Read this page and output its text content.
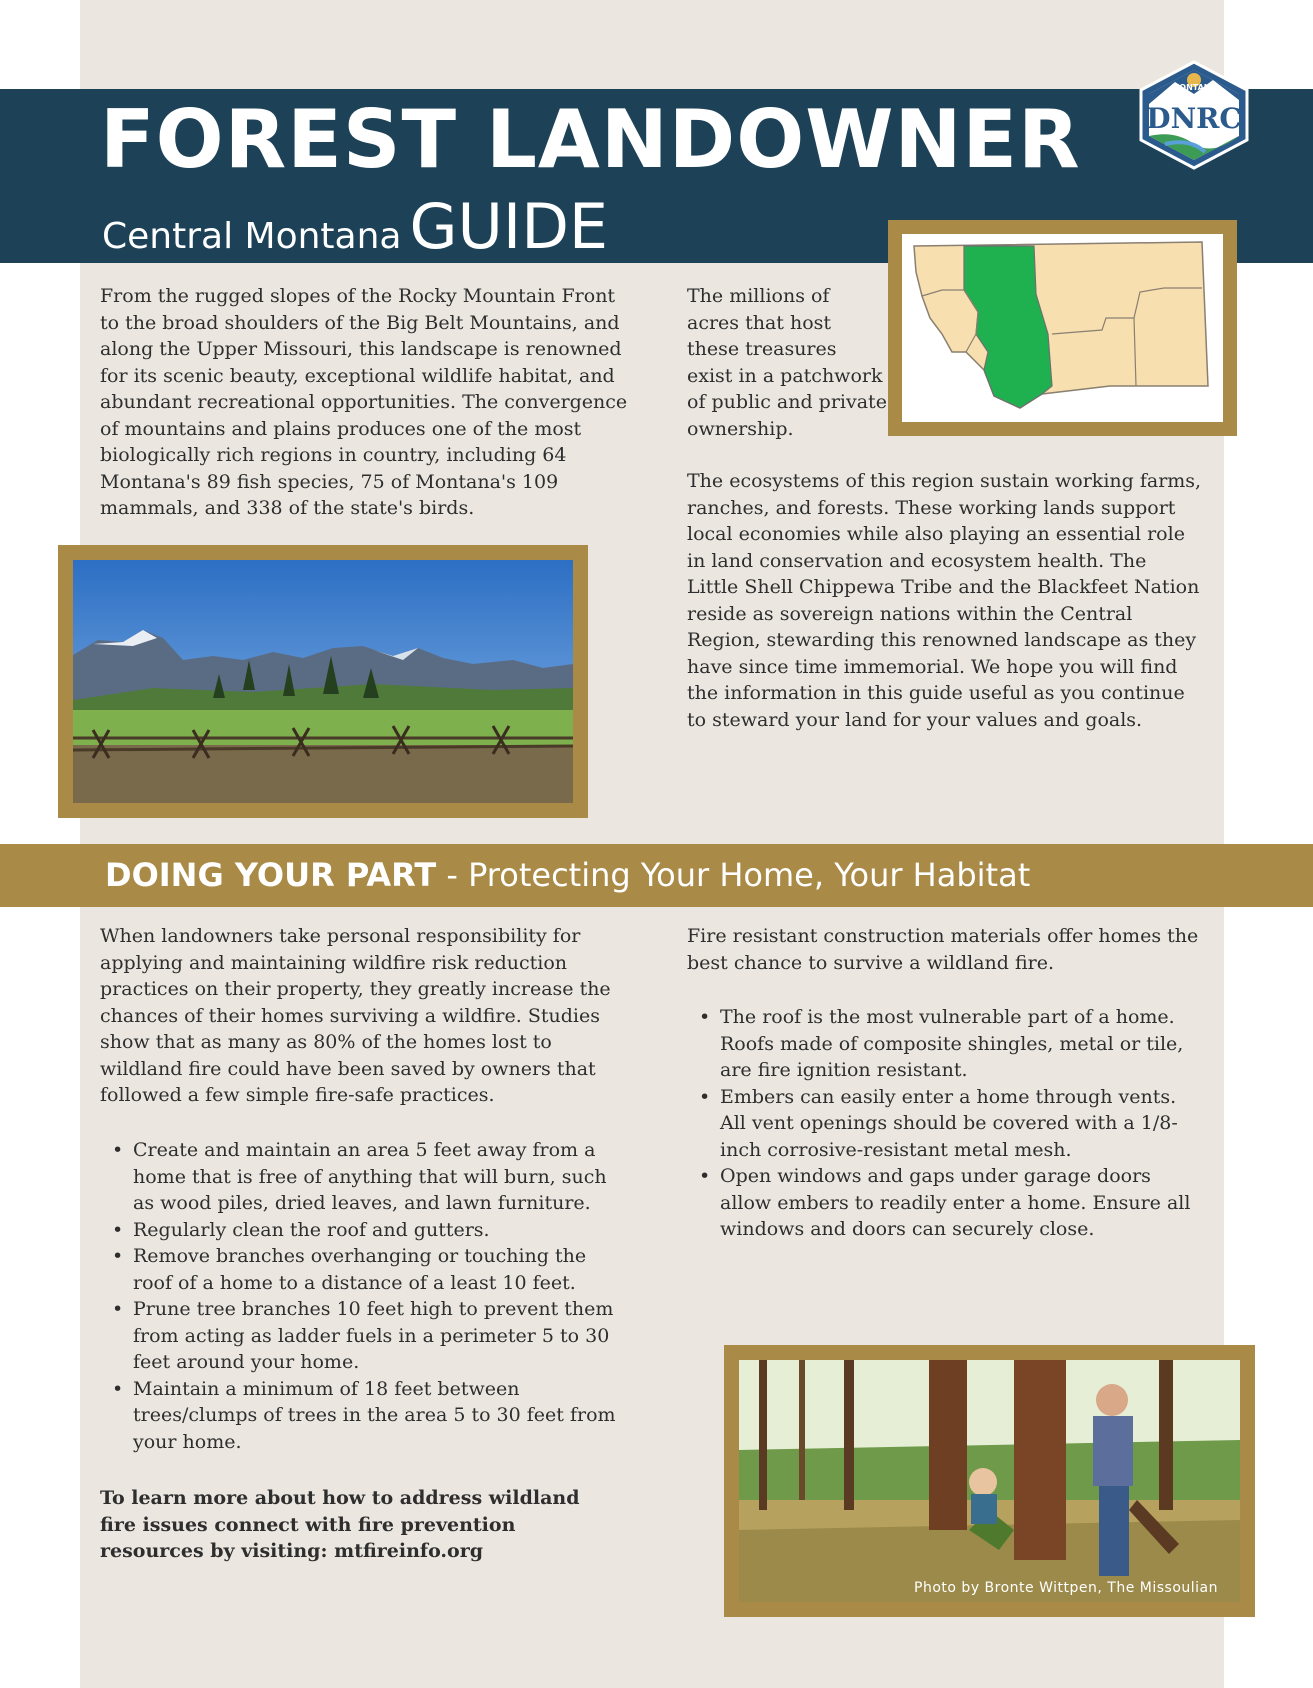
FOREST LANDOWNER
Central Montana GUIDE
MONTANA
DNRC

From the rugged slopes of the Rocky Mountain Front to the broad shoulders of the Big Belt Mountains, and along the Upper Missouri, this landscape is renowned for its scenic beauty, exceptional wildlife habitat, and abundant recreational opportunities. The convergence of mountains and plains produces one of the most biologically rich regions in country, including 64 Montana's 89 fish species, 75 of Montana's 109 mammals, and 338 of the state's birds.

The millions of acres that host these treasures exist in a patchwork of public and private ownership.

The ecosystems of this region sustain working farms, ranches, and forests. These working lands support local economies while also playing an essential role in land conservation and ecosystem health. The Little Shell Chippewa Tribe and the Blackfeet Nation reside as sovereign nations within the Central Region, stewarding this renowned landscape as they have since time immemorial. We hope you will find the information in this guide useful as you continue to steward your land for your values and goals.

DOING YOUR PART - Protecting Your Home, Your Habitat

When landowners take personal responsibility for applying and maintaining wildfire risk reduction practices on their property, they greatly increase the chances of their homes surviving a wildfire. Studies show that as many as 80% of the homes lost to wildland fire could have been saved by owners that followed a few simple fire-safe practices.

• Create and maintain an area 5 feet away from a home that is free of anything that will burn, such as wood piles, dried leaves, and lawn furniture.
• Regularly clean the roof and gutters.
• Remove branches overhanging or touching the roof of a home to a distance of a least 10 feet.
• Prune tree branches 10 feet high to prevent them from acting as ladder fuels in a perimeter 5 to 30 feet around your home.
• Maintain a minimum of 18 feet between trees/clumps of trees in the area 5 to 30 feet from your home.

To learn more about how to address wildland fire issues connect with fire prevention resources by visiting: mtfireinfo.org

Fire resistant construction materials offer homes the best chance to survive a wildland fire.

• The roof is the most vulnerable part of a home. Roofs made of composite shingles, metal or tile, are fire ignition resistant.
• Embers can easily enter a home through vents. All vent openings should be covered with a 1/8-inch corrosive-resistant metal mesh.
• Open windows and gaps under garage doors allow embers to readily enter a home. Ensure all windows and doors can securely close.
Photo by Bronte Wittpen, The Missoulian
